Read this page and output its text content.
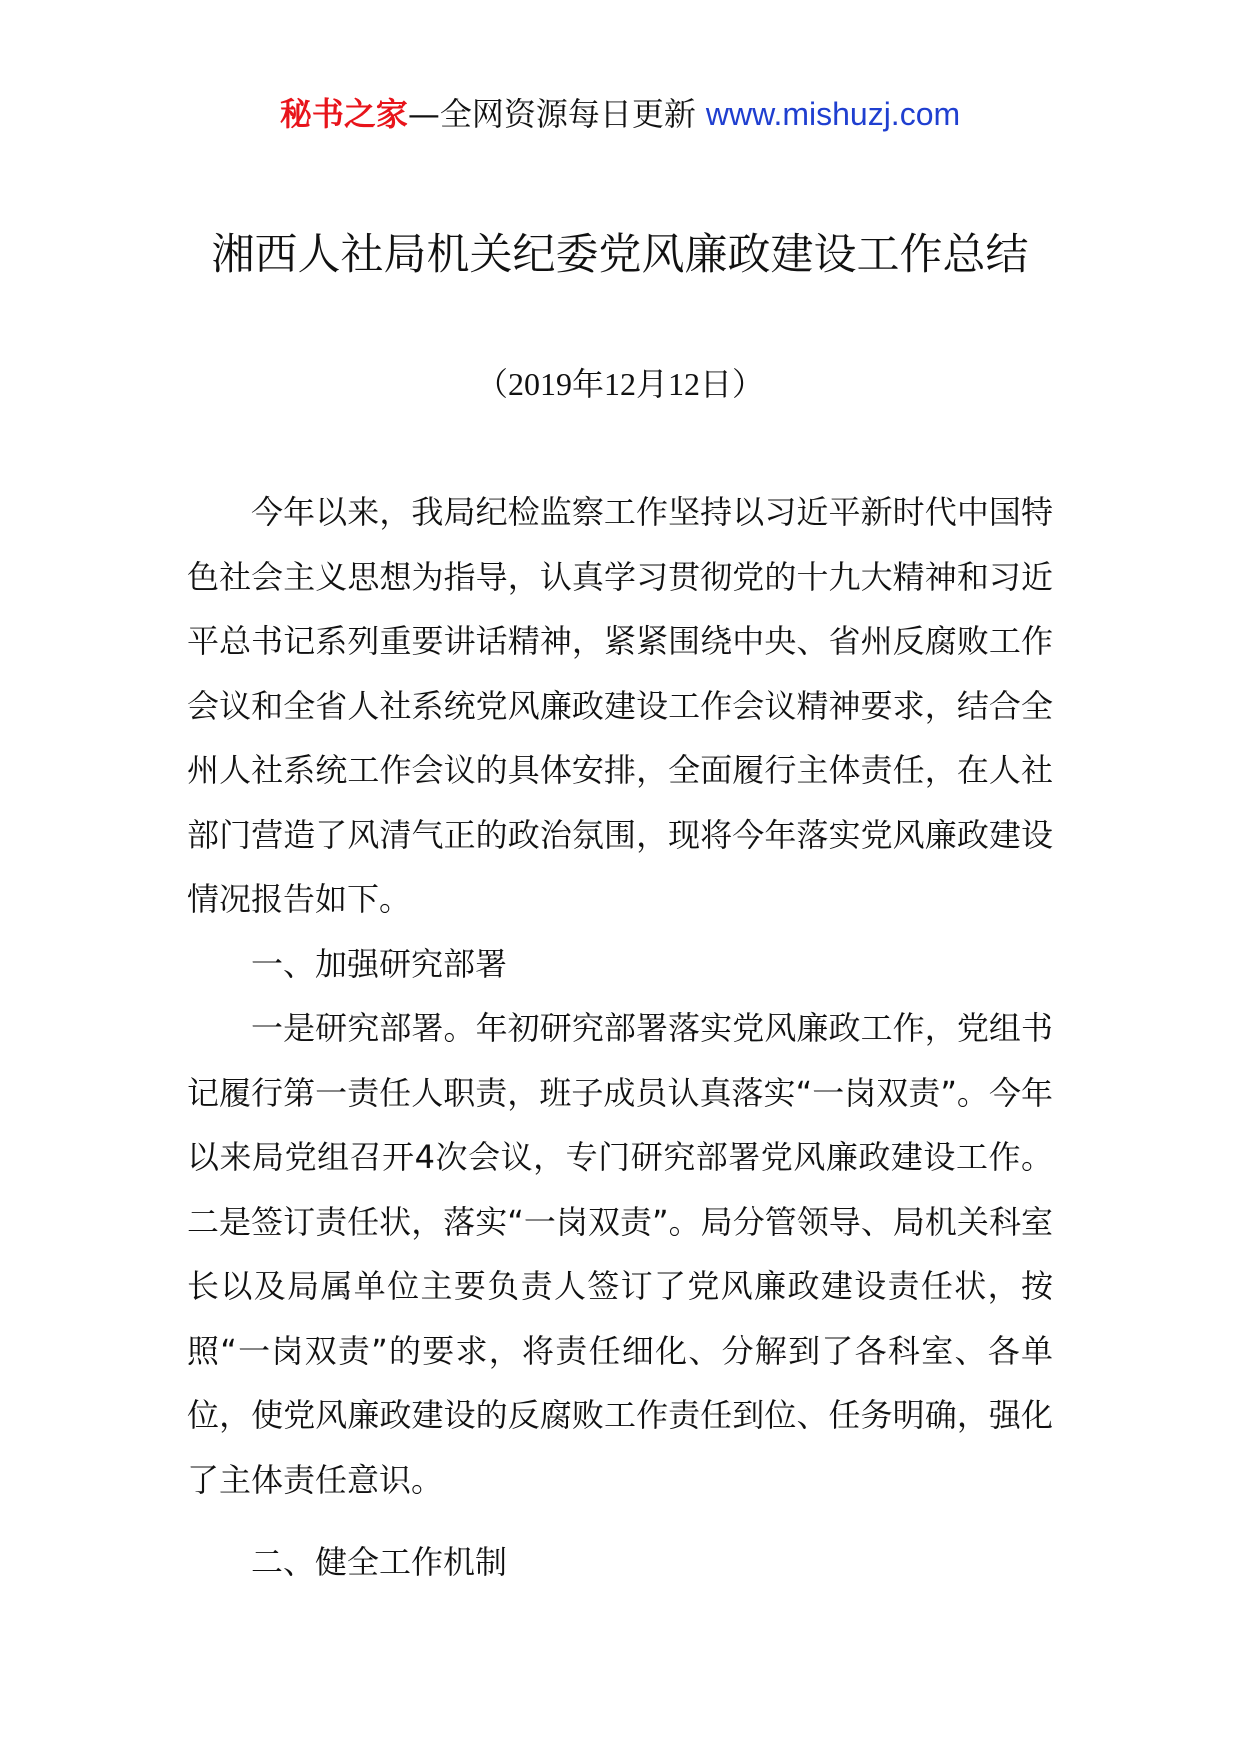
秘书之家—全网资源每日更新 www.mishuzj.com
湘西人社局机关纪委党风廉政建设工作总结
（2019年12月12日）

今年以来，我局纪检监察工作坚持以习近平新时代中国特色社会主义思想为指导，认真学习贯彻党的十九大精神和习近平总书记系列重要讲话精神，紧紧围绕中央、省州反腐败工作会议和全省人社系统党风廉政建设工作会议精神要求，结合全州人社系统工作会议的具体安排，全面履行主体责任，在人社部门营造了风清气正的政治氛围，现将今年落实党风廉政建设情况报告如下。

一、加强研究部署

一是研究部署。年初研究部署落实党风廉政工作，党组书记履行第一责任人职责，班子成员认真落实“一岗双责”。今年以来局党组召开4次会议，专门研究部署党风廉政建设工作。二是签订责任状，落实“一岗双责”。局分管领导、局机关科室长以及局属单位主要负责人签订了党风廉政建设责任状，按照“一岗双责”的要求，将责任细化、分解到了各科室、各单位，使党风廉政建设的反腐败工作责任到位、任务明确，强化了主体责任意识。

二、健全工作机制
